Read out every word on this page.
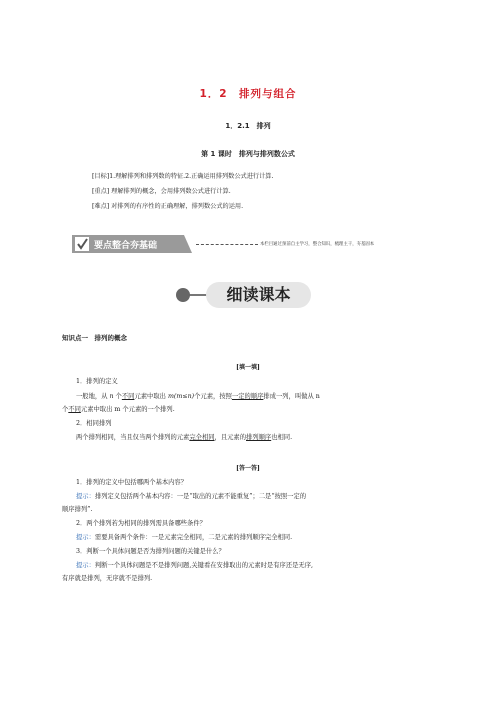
1．2　排列与组合
1．2.1　排列
第 1 课时　排列与排列数公式
[目标]1.理解排列和排列数的特征.2.正确运用排列数公式进行计算.
[重点] 理解排列的概念，会用排列数公式进行计算.
[难点] 对排列的有序性的正确理解，排列数公式的运用.
要点整合夯基础	本栏目通过预前自主学习，整合知识，梳理主干，夯基固本
细读课本
知识点一　排列的概念
[填一填]
1．排列的定义
一般地，从 n 个不同元素中取出 m(m≤n)个元素，按照一定的顺序排成一列，叫做从 n
个不同元素中取出 m 个元素的一个排列.
2．相同排列
两个排列相同，当且仅当两个排列的元素完全相同，且元素的排列顺序也相同.
[答一答]
1．排列的定义中包括哪两个基本内容？
提示：排列定义包括两个基本内容：一是“取出的元素不能重复”；二是“按照一定的
顺序排列”.
2．两个排列若为相同的排列需具备哪些条件？
提示：需要具备两个条件：一是元素完全相同，二是元素的排列顺序完全相同.
3．判断一个具体问题是否为排列问题的关键是什么？
提示：判断一个具体问题是不是排列问题,关键看在安排取出的元素时是有序还是无序,
有序就是排列，无序就不是排列.
